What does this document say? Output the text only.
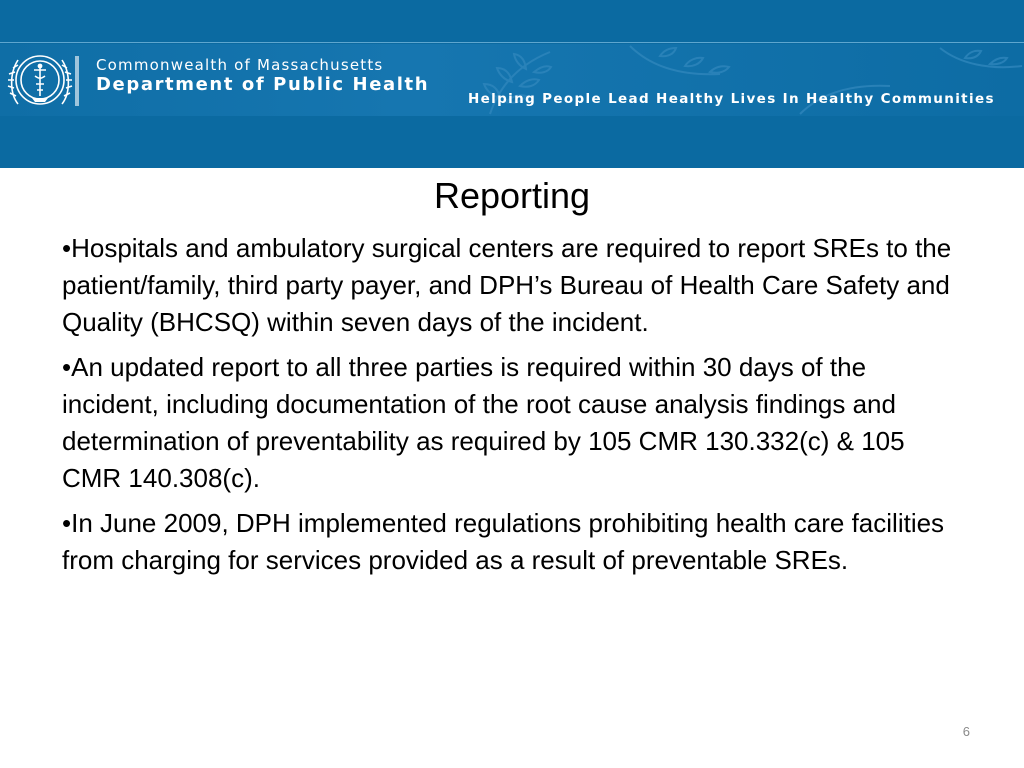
Commonwealth of Massachusetts
Department of Public Health
Helping People Lead Healthy Lives In Healthy Communities
Reporting

•Hospitals and ambulatory surgical centers are required to report SREs to the patient/family, third party payer, and DPH’s Bureau of Health Care Safety and Quality (BHCSQ) within seven days of the incident.

•An updated report to all three parties is required within 30 days of the incident, including documentation of the root cause analysis findings and determination of preventability as required by 105 CMR 130.332(c) & 105 CMR 140.308(c).

•In June 2009, DPH implemented regulations prohibiting health care facilities from charging for services provided as a result of preventable SREs.

6
